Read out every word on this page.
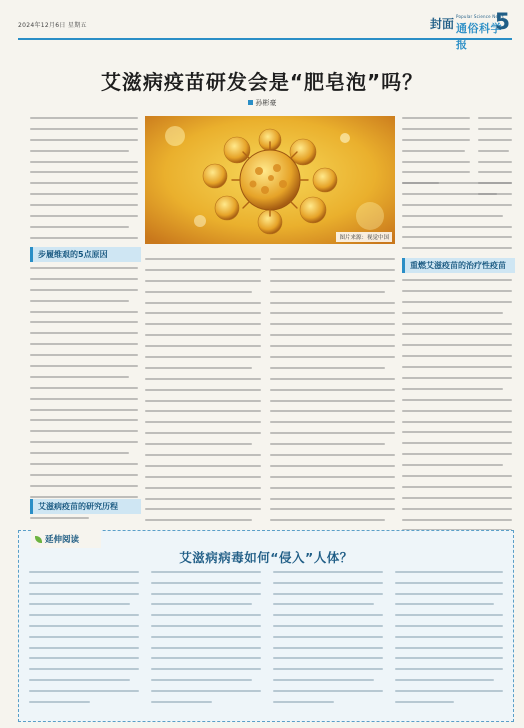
2024年12月6日 星期五	封面
Popular Science News
通俗科学报
5
艾滋病疫苗研发会是“肥皂泡”吗？
孙彬豪
步履维艰的5点原因
艾滋病疫苗的研究历程
图片来源：视觉中国
重燃艾滋疫苗的治疗性疫苗
延伸阅读
艾滋病病毒如何“侵入”人体？
